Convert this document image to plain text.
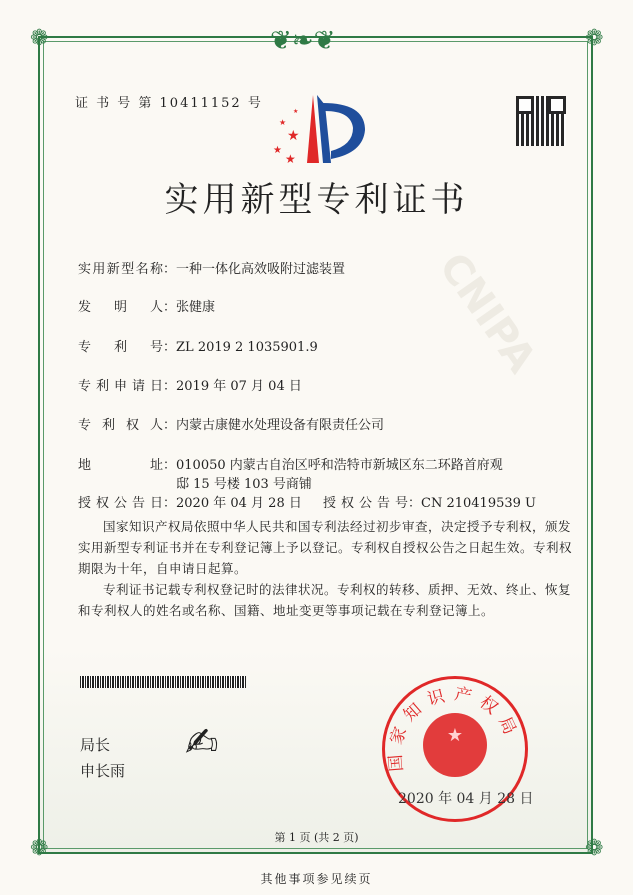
❦❧❦
❁	❁
❁	❁
CNIPA
证 书 号 第 10411152 号
★
★
★
★
★
实用新型专利证书
实用新型名称：一种一体化高效吸附过滤装置
发明人：张健康
专利号：ZL 2019 2 1035901.9
专利申请日：2019 年 07 月 04 日
专利权人：内蒙古康健水处理设备有限责任公司
地址：010050 内蒙古自治区呼和浩特市新城区东二环路首府观
　邸 15 号楼 103 号商铺
授权公告日：2020 年 04 月 28 日 授权公告号：CN 210419539 U
国家知识产权局依照中华人民共和国专利法经过初步审查，决定授予专利权，颁发实用新型专利证书并在专利登记簿上予以登记。专利权自授权公告之日起生效。专利权期限为十年，自申请日起算。
专利证书记载专利权登记时的法律状况。专利权的转移、质押、无效、终止、恢复和专利权人的姓名或名称、国籍、地址变更等事项记载在专利登记簿上。
局长
申长雨
✍	★
国家知识产权局
2020 年 04 月 28 日
第 1 页 (共 2 页)
其他事项参见续页
